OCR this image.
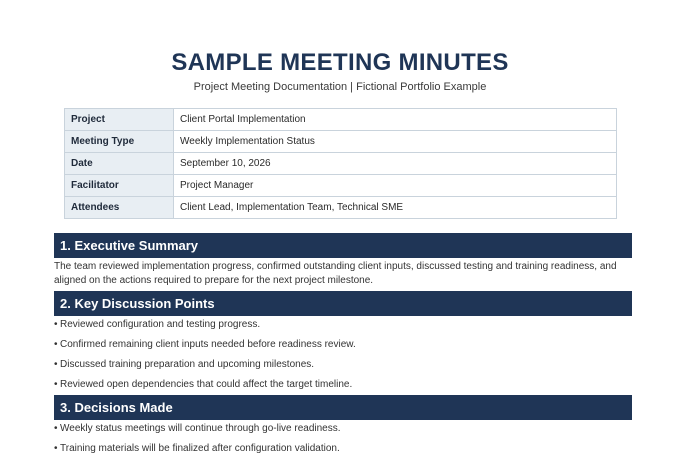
SAMPLE MEETING MINUTES
Project Meeting Documentation | Fictional Portfolio Example
Project	Client Portal Implementation
Meeting Type	Weekly Implementation Status
Date	September 10, 2026
Facilitator	Project Manager
Attendees	Client Lead, Implementation Team, Technical SME
1. Executive Summary
The team reviewed implementation progress, confirmed outstanding client inputs, discussed testing and training readiness, and aligned on the actions required to prepare for the next project milestone.
2. Key Discussion Points
• Reviewed configuration and testing progress.
• Confirmed remaining client inputs needed before readiness review.
• Discussed training preparation and upcoming milestones.
• Reviewed open dependencies that could affect the target timeline.
3. Decisions Made
• Weekly status meetings will continue through go-live readiness.
• Training materials will be finalized after configuration validation.
